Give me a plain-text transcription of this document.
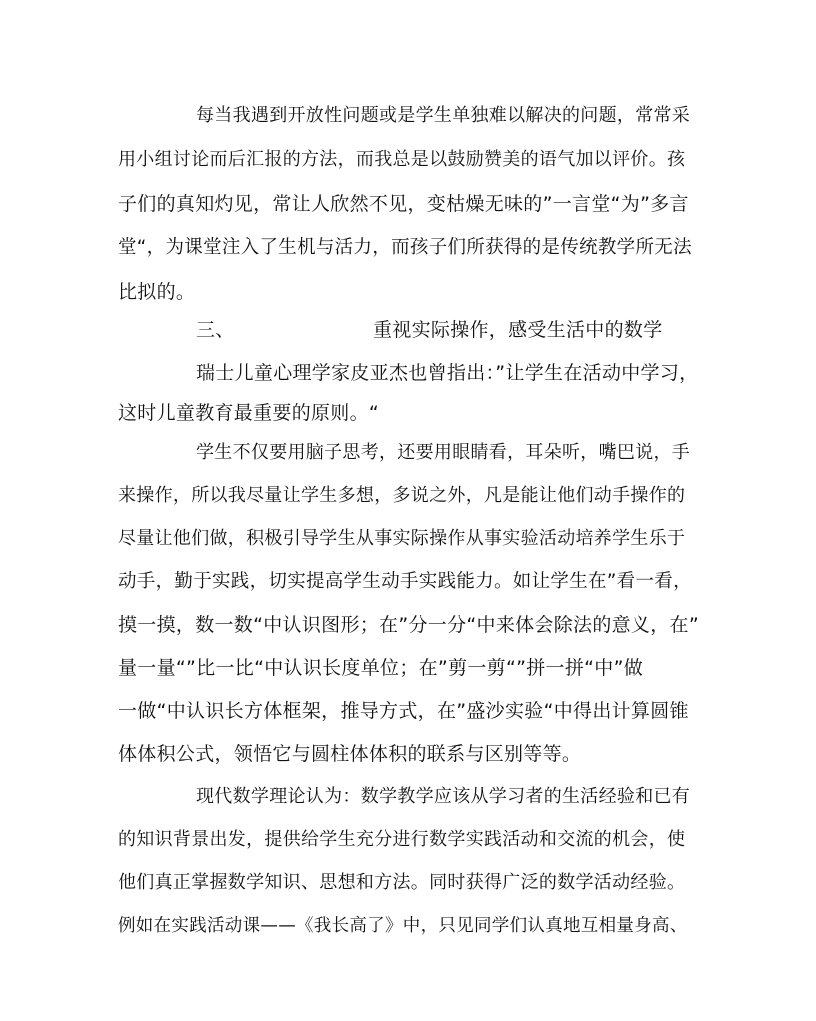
每当我遇到开放性问题或是学生单独难以解决的问题，常常采
用小组讨论而后汇报的方法，而我总是以鼓励赞美的语气加以评价。孩
子们的真知灼见，常让人欣然不见，变枯燥无味的”一言堂“为”多言
堂“，为课堂注入了生机与活力，而孩子们所获得的是传统教学所无法
比拟的。
三、	重视实际操作，感受生活中的数学
瑞士儿童心理学家皮亚杰也曾指出：”让学生在活动中学习，
这时儿童教育最重要的原则。“
学生不仅要用脑子思考，还要用眼睛看，耳朵听，嘴巴说，手
来操作，所以我尽量让学生多想，多说之外，凡是能让他们动手操作的
尽量让他们做，积极引导学生从事实际操作从事实验活动培养学生乐于
动手，勤于实践，切实提高学生动手实践能力。如让学生在”看一看，
摸一摸，数一数“中认识图形；在”分一分“中来体会除法的意义，在”
量一量“”比一比“中认识长度单位；在”剪一剪“”拼一拼“中”做
一做“中认识长方体框架，推导方式，在”盛沙实验“中得出计算圆锥
体体积公式，领悟它与圆柱体体积的联系与区别等等。
现代数学理论认为：数学教学应该从学习者的生活经验和已有
的知识背景出发，提供给学生充分进行数学实践活动和交流的机会，使
他们真正掌握数学知识、思想和方法。同时获得广泛的数学活动经验。
例如在实践活动课——《我长高了》中，只见同学们认真地互相量身高、
